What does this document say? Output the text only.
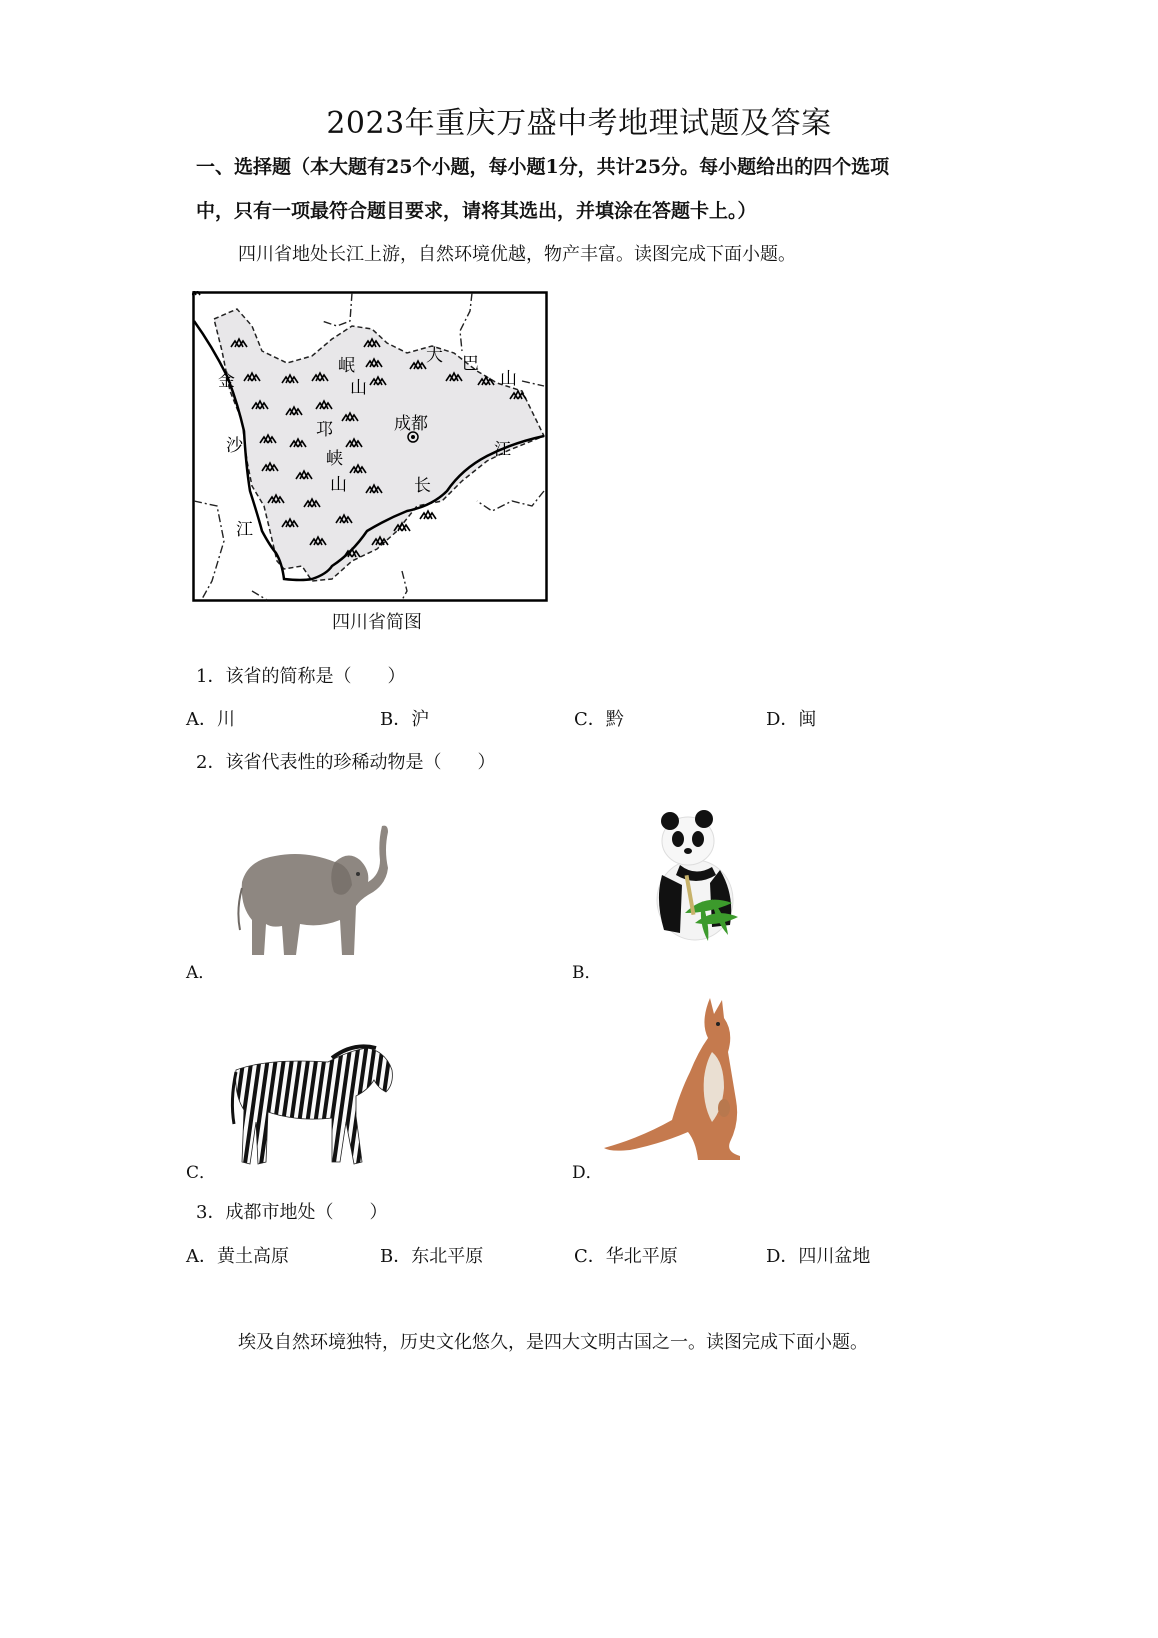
2023年重庆万盛中考地理试题及答案
一、选择题（本大题有25个小题，每小题1分，共计25分。每小题给出的四个选项
中，只有一项最符合题目要求，请将其选出，并填涂在答题卡上。）
四川省地处长江上游，自然环境优越，物产丰富。读图完成下面小题。
金
沙
江
岷
山
邛
峡
山
大 巴
山
成都
江
长
四川省简图
1．该省的简称是（　　）
A．川	B．沪	C．黔	D．闽
2．该省代表性的珍稀动物是（　　）
A．	B．
C．	D．
3．成都市地处（　　）
A．黄土高原	B．东北平原	C．华北平原	D．四川盆地
埃及自然环境独特，历史文化悠久，是四大文明古国之一。读图完成下面小题。
